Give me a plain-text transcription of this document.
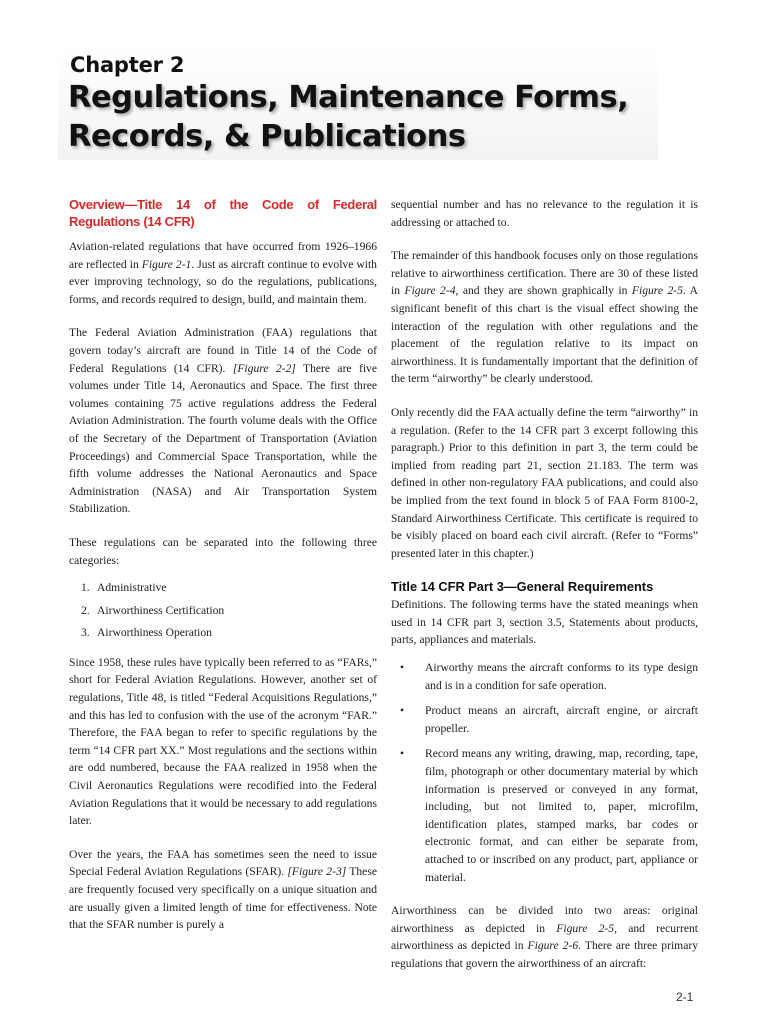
Chapter 2
Regulations, Maintenance Forms,
Records, & Publications
Overview—Title 14 of the Code of Federal Regulations (14 CFR)

Aviation-related regulations that have occurred from 1926–1966 are reflected in Figure 2-1. Just as aircraft continue to evolve with ever improving technology, so do the regulations, publications, forms, and records required to design, build, and maintain them.

The Federal Aviation Administration (FAA) regulations that govern today’s aircraft are found in Title 14 of the Code of Federal Regulations (14 CFR). [Figure 2-2] There are five volumes under Title 14, Aeronautics and Space. The first three volumes containing 75 active regulations address the Federal Aviation Administration. The fourth volume deals with the Office of the Secretary of the Department of Transportation (Aviation Proceedings) and Commercial Space Transportation, while the fifth volume addresses the National Aeronautics and Space Administration (NASA) and Air Transportation System Stabilization.

These regulations can be separated into the following three categories:

1. Administrative
2. Airworthiness Certification
3. Airworthiness Operation

Since 1958, these rules have typically been referred to as “FARs,” short for Federal Aviation Regulations. However, another set of regulations, Title 48, is titled “Federal Acquisitions Regulations,” and this has led to confusion with the use of the acronym “FAR.” Therefore, the FAA began to refer to specific regulations by the term “14 CFR part XX.” Most regulations and the sections within are odd numbered, because the FAA realized in 1958 when the Civil Aeronautics Regulations were recodified into the Federal Aviation Regulations that it would be necessary to add regulations later.

Over the years, the FAA has sometimes seen the need to issue Special Federal Aviation Regulations (SFAR). [Figure 2-3] These are frequently focused very specifically on a unique situation and are usually given a limited length of time for effectiveness. Note that the SFAR number is purely a

sequential number and has no relevance to the regulation it is addressing or attached to.

The remainder of this handbook focuses only on those regulations relative to airworthiness certification. There are 30 of these listed in Figure 2-4, and they are shown graphically in Figure 2-5. A significant benefit of this chart is the visual effect showing the interaction of the regulation with other regulations and the placement of the regulation relative to its impact on airworthiness. It is fundamentally important that the definition of the term “airworthy” be clearly understood.

Only recently did the FAA actually define the term “airworthy” in a regulation. (Refer to the 14 CFR part 3 excerpt following this paragraph.) Prior to this definition in part 3, the term could be implied from reading part 21, section 21.183. The term was defined in other non-regulatory FAA publications, and could also be implied from the text found in block 5 of FAA Form 8100-2, Standard Airworthiness Certificate. This certificate is required to be visibly placed on board each civil aircraft. (Refer to “Forms” presented later in this chapter.)

Title 14 CFR Part 3—General Requirements

Definitions. The following terms have the stated meanings when used in 14 CFR part 3, section 3.5, Statements about products, parts, appliances and materials.

• Airworthy means the aircraft conforms to its type design and is in a condition for safe operation.
• Product means an aircraft, aircraft engine, or aircraft propeller.
• Record means any writing, drawing, map, recording, tape, film, photograph or other documentary material by which information is preserved or conveyed in any format, including, but not limited to, paper, microfilm, identification plates, stamped marks, bar codes or electronic format, and can either be separate from, attached to or inscribed on any product, part, appliance or material.

Airworthiness can be divided into two areas: original airworthiness as depicted in Figure 2-5, and recurrent airworthiness as depicted in Figure 2-6. There are three primary regulations that govern the airworthiness of an aircraft:

2-1
